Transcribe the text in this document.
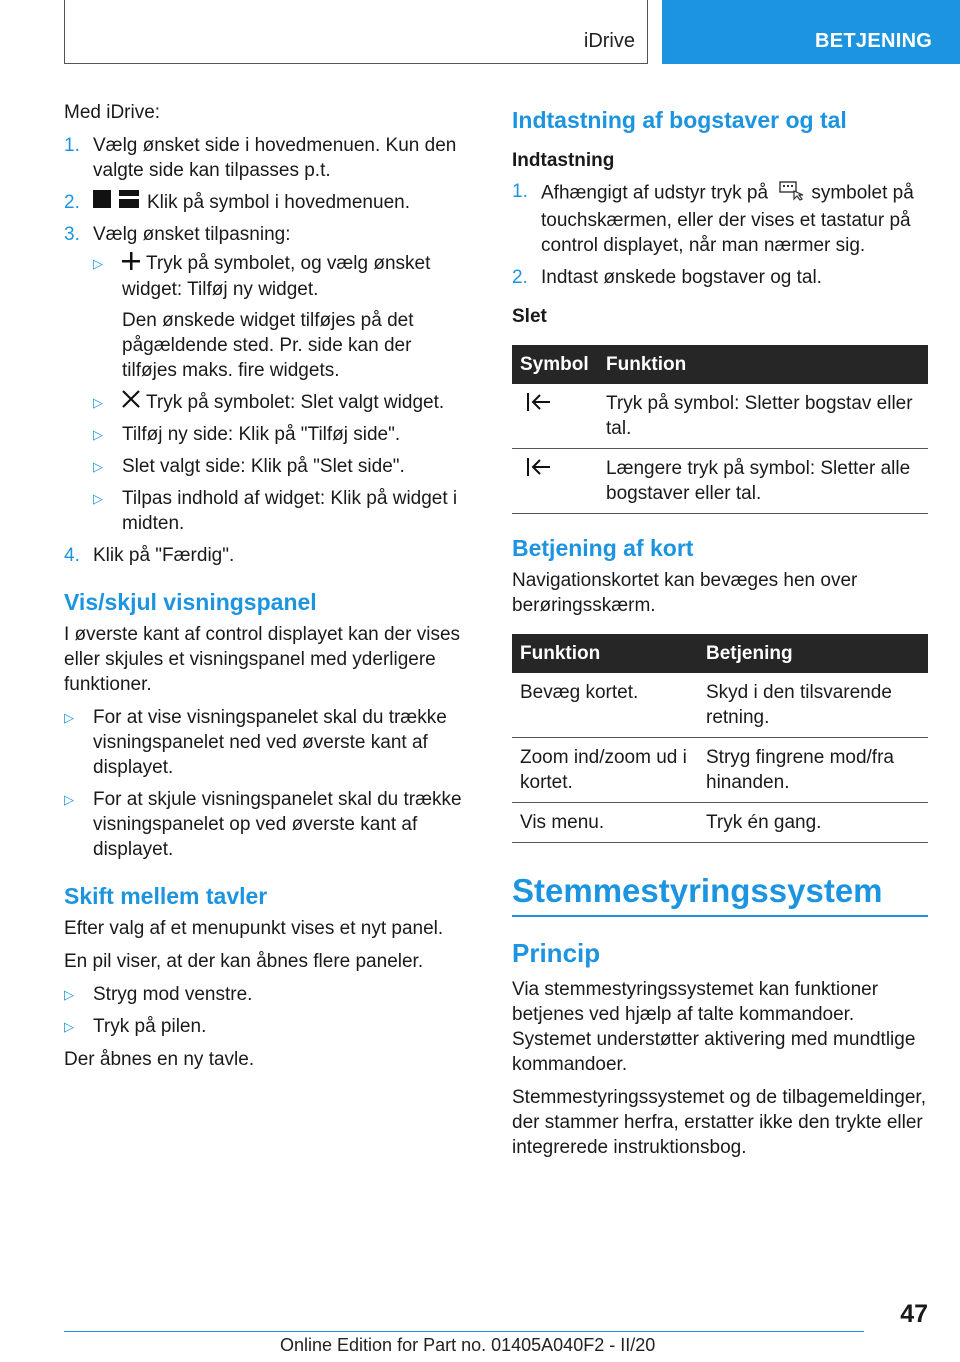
iDrive	BETJENING

Med iDrive:

1. Vælg ønsket side i hovedmenuen. Kun den valgte side kan tilpasses p.t.
2.	Klik på symbol i hovedmenuen.
3. Vælg ønsket tilpasning:
▷ Tryk på symbolet, og vælg ønsket widget: Tilføj ny widget.

Den ønskede widget tilføjes på det pågældende sted. Pr. side kan der tilføjes maks. fire widgets.

▷ Tryk på symbolet: Slet valgt widget.
▷ Tilføj ny side: Klik på "Tilføj side".
▷ Slet valgt side: Klik på "Slet side".
▷ Tilpas indhold af widget: Klik på widget i midten.
4. Klik på "Færdig".
Vis/skjul visningspanel

I øverste kant af control displayet kan der vises eller skjules et visningspanel med yderligere funktioner.

▷ For at vise visningspanelet skal du trække visningspanelet ned ved øverste kant af displayet.
▷ For at skjule visningspanelet skal du trække visningspanelet op ved øverste kant af displayet.
Skift mellem tavler

Efter valg af et menupunkt vises et nyt panel.

En pil viser, at der kan åbnes flere paneler.

▷ Stryg mod venstre.
▷ Tryk på pilen.

Der åbnes en ny tavle.

Indtastning af bogstaver og tal
Indtastning
1. Afhængigt af udstyr tryk på symbolet på touchskærmen, eller der vises et tastatur på control displayet, når man nærmer sig.
2. Indtast ønskede bogstaver og tal.
Slet
Symbol	Funktion
	Tryk på symbol: Sletter bogstav eller tal.
	Længere tryk på symbol: Sletter alle bogstaver eller tal.
Betjening af kort

Navigationskortet kan bevæges hen over berøringsskærm.

Funktion	Betjening
Bevæg kortet.	Skyd i den tilsvarende retning.
Zoom ind/zoom ud i kortet.	Stryg fingrene mod/fra hinanden.
Vis menu.	Tryk én gang.
Stemmestyringssystem
Princip

Via stemmestyringssystemet kan funktioner betjenes ved hjælp af talte kommandoer. Systemet understøtter aktivering med mundtlige kommandoer.

Stemmestyringssystemet og de tilbagemeldinger, der stammer herfra, erstatter ikke den trykte eller integrerede instruktionsbog.

47
Online Edition for Part no. 01405A040F2 - II/20
